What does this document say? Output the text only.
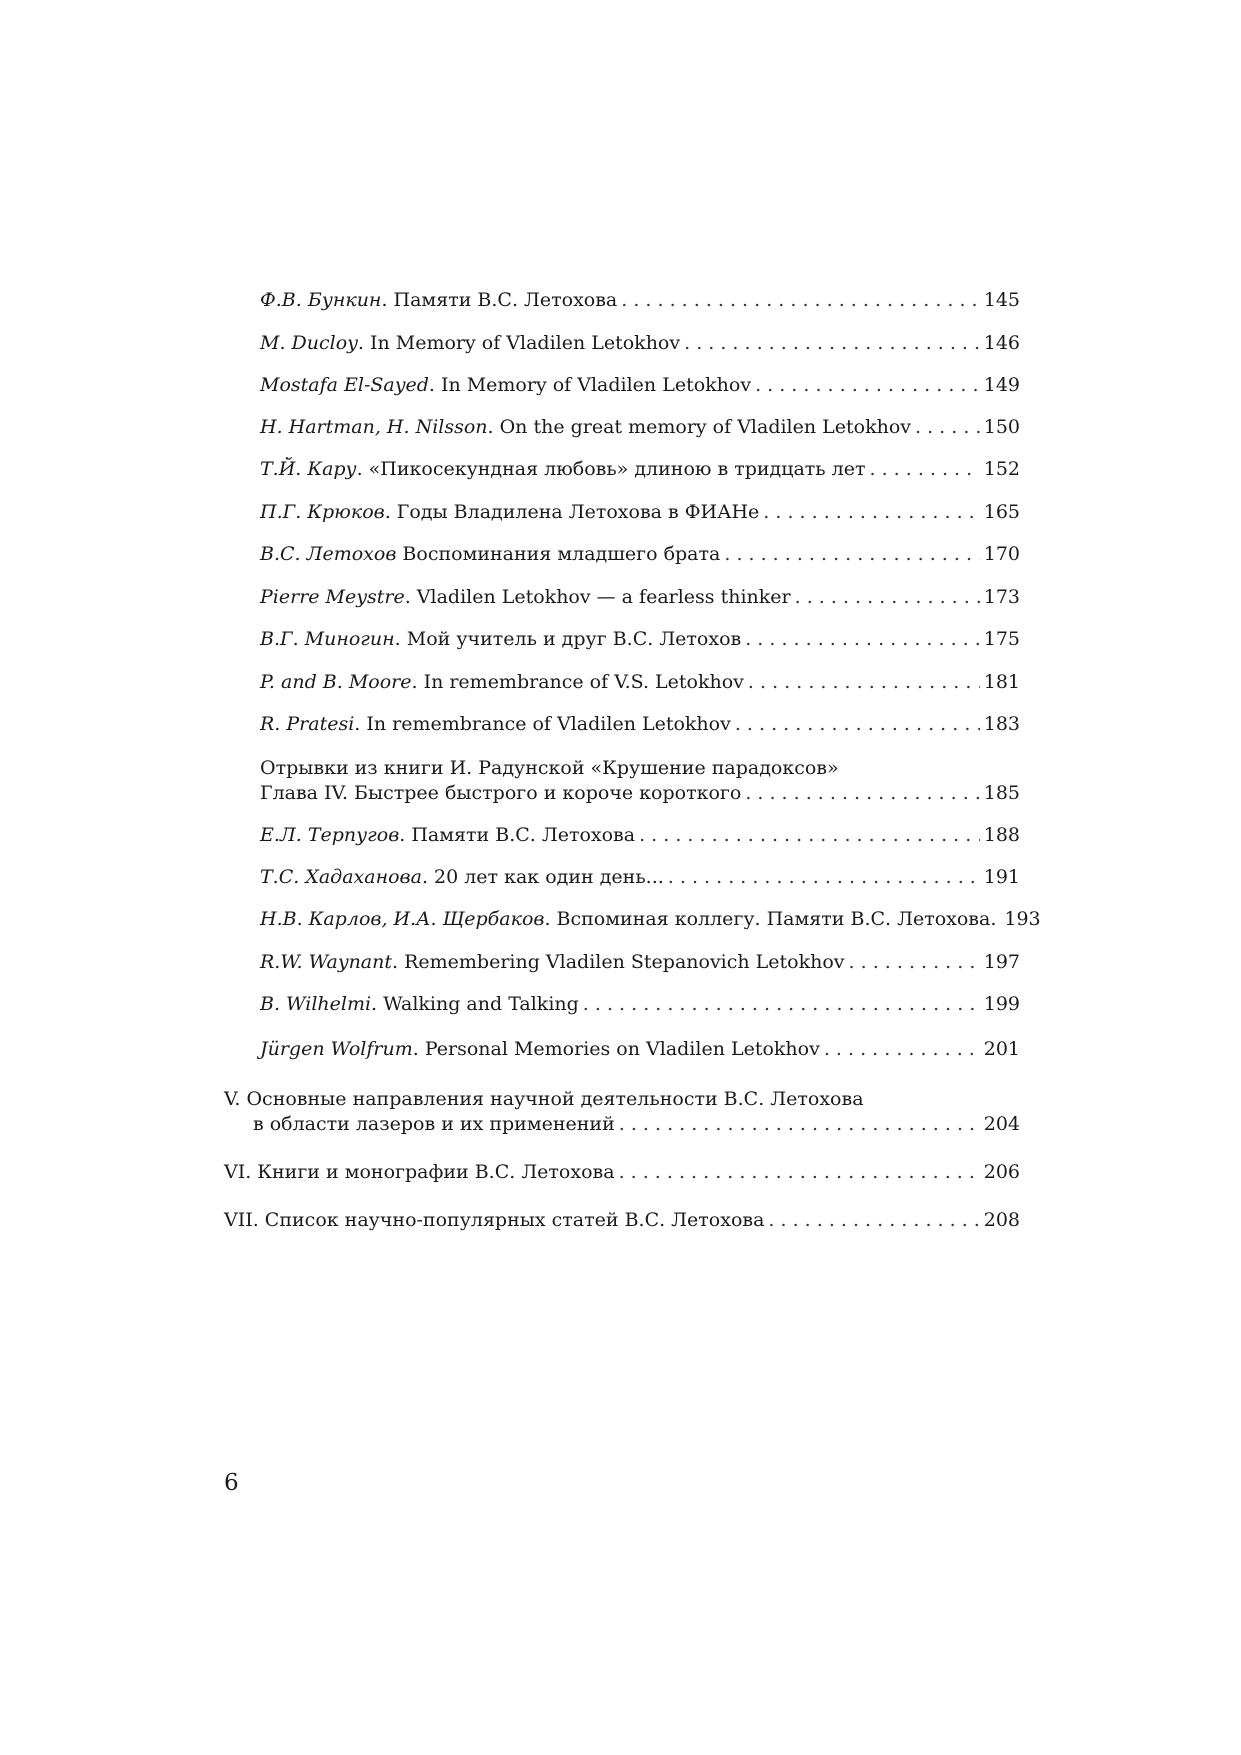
Ф.В. Бункин. Памяти В.С. Летохова . . .	145
M. Ducloy. In Memory of Vladilen Letokhov . . .	146
Mostafa El-Sayed. In Memory of Vladilen Letokhov . . .	149
H. Hartman, H. Nilsson. On the great memory of Vladilen Letokhov . . .	150
Т.Й. Кару. «Пикосекундная любовь» длиною в тридцать лет . . .	152
П.Г. Крюков. Годы Владилена Летохова в ФИАНе . . .	165
В.С. Летохов Воспоминания младшего брата . . .	170
Pierre Meystre. Vladilen Letokhov — a fearless thinker . . .	173
В.Г. Миногин. Мой учитель и друг В.С. Летохов . . .	175
P. and B. Moore. In remembrance of V.S. Letokhov . . .	181
R. Pratesi. In remembrance of Vladilen Letokhov . . .	183
Отрывки из книги И. Радунской «Крушение парадоксов»
Глава IV. Быстрее быстрого и короче короткого . . .	185
Е.Л. Терпугов. Памяти В.С. Летохова . . .	188
Т.С. Хадаханова. 20 лет как один день... . . .	191
Н.В. Карлов, И.А. Щербаков. Вспоминая коллегу. Памяти В.С. Летохова. 193
R.W. Waynant. Remembering Vladilen Stepanovich Letokhov . . .	197
B. Wilhelmi. Walking and Talking . . .	199
Jürgen Wolfrum. Personal Memories on Vladilen Letokhov . . .	201
V. Основные направления научной деятельности В.С. Летохова
в области лазеров и их применений . . .	204
VI. Книги и монографии В.С. Летохова . . .	206
VII. Список научно-популярных статей В.С. Летохова . . .	208
6
